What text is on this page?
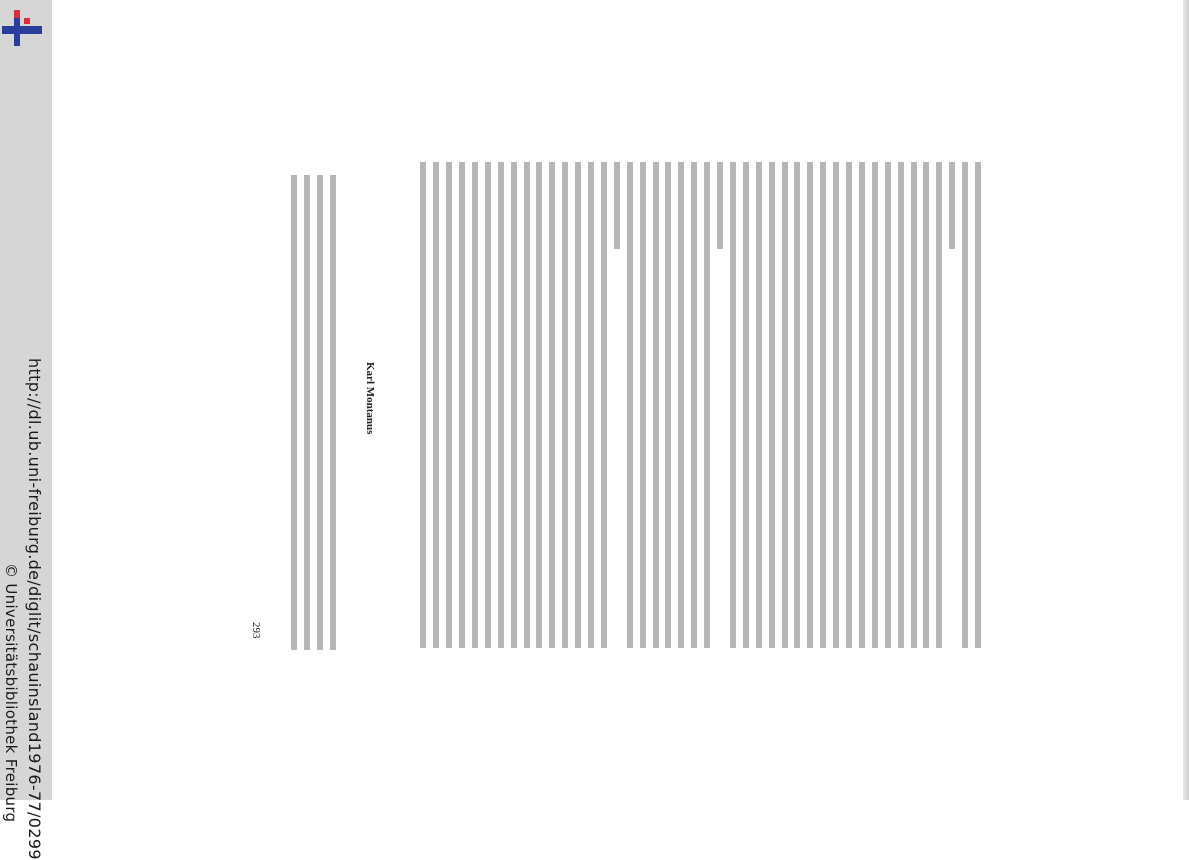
http://dl.ub.uni-freiburg.de/diglit/schauinsland1976-77/0299
© Universitätsbibliothek Freiburg
Karl Montanus
293
